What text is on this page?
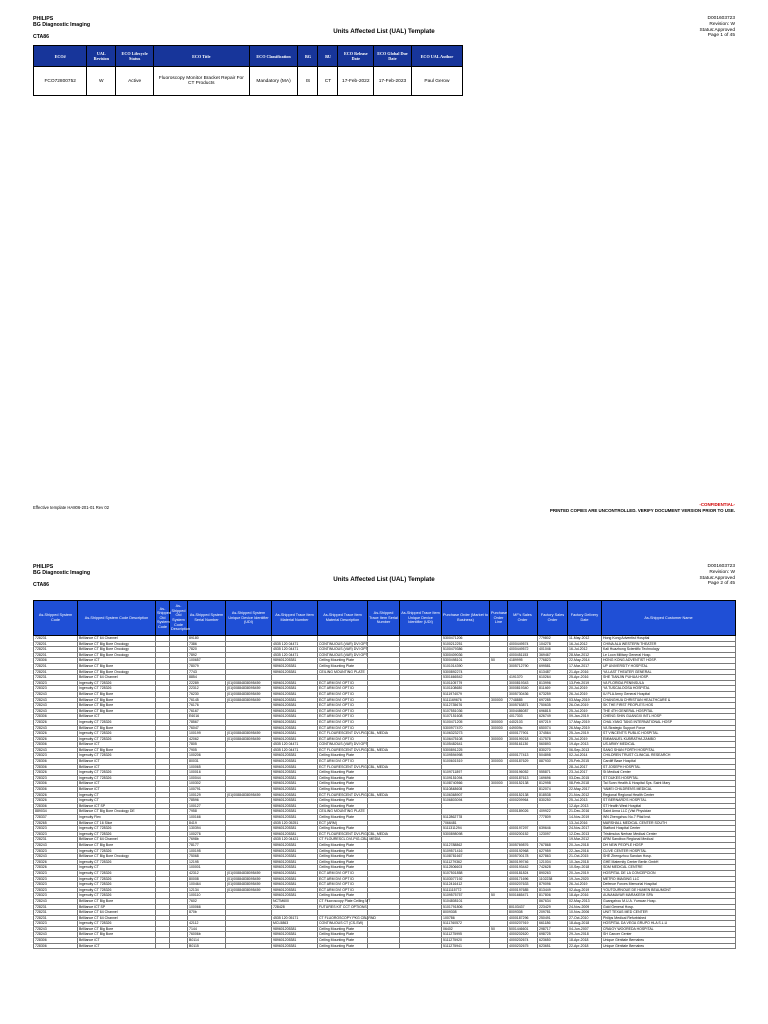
PHILIPS
BG Diagnostic Imaging
CTA86
Units Affected List (UAL) Template
D001603723
Revision: W
Status:Approved
Page 1 of 45
ECO#	UAL Revision	ECO Lifecycle Status	ECO Title	ECO Classification	BG	BU	ECO Release Date	ECO Global Due Date	ECO UAL Author
FCO72800752	W	Active	Fluoroscopy Monitor Bracket Repair For CT Products	Mandatory (MA)	IS	CT	17-Feb-2022	17-Feb-2023	Paul Gerow
Effective template HA806-201-01 Rev 02
-CONFIDENTIAL-
PRINTED COPIES ARE UNCONTROLLED. VERIFY DOCUMENT VERSION PRIOR TO USE.
PHILIPS
BG Diagnostic Imaging
CTA86
Units Affected List (UAL) Template
D001603723
Revision: W
Status:Approved
Page 2 of 45
As-Shipped System Code	As-Shipped System Code Description	As-Shipped Old System Code	As-Shipped Old System Code Description	As-Shipped System Serial Number	As-Shipped System Unique Device Identifier (UDI)	As-Shipped Trace Item Material Number	As-Shipped Trace Item Material Description	As-Shipped Trace Item Serial Number	As-Shipped Trace Item Unique Device Identifier (UDI)	Purchase Order (Market to Business)	Purchase Order Line	MF's Sales Order	Factory Sales Order	Factory Delivery Date	As-Shipped Customer Name
728231	Brilliance CT 64 Channel			89180						5300471206			779802	11-May-2012	Hong Kong Adventist Hospital
728201	Brilliance CT Big Bore Oncology			7386		4535 120 04471	CONTINUOUS (VAR) DVI OPT			5100212251		4000449574	104278	16-Jul-2012	CHINA ALA WESTERN THEATER
728201	Brilliance CT Big Bore Oncology			7820		4535 120 04471	CONTINUOUS (VAR) DVI OPT			5100479386		4000449572	401046	16-Jul-2012	Kali Huazhong Scientific Technology
728201	Brilliance CT Big Bore Oncology			7892		4535 120 04471	CONTINUOUS (VAR) DVI OPT			5300409036		4000451153	369467	28-Mar-2012	Le Loon Military General Hosp.
728306	Brilliance iCT			100657		989601205381	Ceiling Mounting Plate			5300498101	50	4189995	776823	22-May-2014	HONG KONG ADVENTIST HOSP.
728201	Brilliance CT Big Bore			78079		989601205381	Ceiling Mounting Plate			5101014390		3005712790	699581	17-Mar-2017	UP UNIVERSITY HOSPITAL
728201	Brilliance CT Big Bore Oncology			7743		989601205381	CEILING MOUNTING PLATE			5300892274			613487	21-Apr-2016	YA LAST THEATER GENERAL
728231	Brilliance CT 64 Channel			8854						5301666542		4191370	610264	25-Apr-2016	SHE TIANJIN PUHUA HOSP.
728323	Ingenuity CT 728326			22289	(01)00884838095459	989601205381	ECT ARM DVI OPT ID			5101105779		3000819343	813996	13-Feb-2019	VA FLORIDA PENINSULA
728323	Ingenuity CT 728326			22312	(01)00884838095459	989601205381	ECT ARM DVI OPT ID			5101108680		3000819340	811469	20-Jul-2019	YA TUSCALOOSA HOSPITAL
728243	Brilliance CT Big Bore			76230	(01)00884838095459	989601205381	ECT ARM DVI OPT ID			5111974079		3005730436	673259	26-Jul-2019	IU PLA Army General Hospital
728243	Brilliance CT Big Bore			76145	(01)00884838095459	989601205381	ECT ARM DVI OPT ID			5111169676	300000	7748885	697285	03-May-2019	CHANGHUA CHRISTIAN HEALTHCARE &
728243	Brilliance CT Big Bore			76176		989601205381	ECT ARM DVI OPT ID			5112735676		3005763871	750635	26-Oct-2019	SK THE FIRST PEOPLE'S HOS
728243	Brilliance CT Big Bore			76167		989601205381	ECT ARM DVI OPT ID			5107551036		3004486087	696815	25-Jul-2019	THE 4TH GENERAL HOSPITAL
728306	Brilliance iCT			E6016		989601205381	ECT ARM DVI OPT ID			5107151608		4017303	626749	09-Jan-2019	CHENG SHIN GUANGXI INTL HOSP
728326	Ingenuity CT 728326			78567		989601205381	ECT ARM DVI OPT ID			5100471205	300000	4402103	697219	17-May-2019	CHAI-YANG TANG INTERNATIONAL HOSP
728243	Brilliance CT Big Bore			76047		989601205381	ECT ARM DVI OPT ID			5300977470	300000	449009c	650074	26-May-2019	VA Strategic Support Force
728326	Ingenuity CT 728326			100199	(01)00884838095459	989601205381	ECT FLOURESCENT DVI-PIG-CBL, MEDIA			5106323273		4000177901	374564	25-Jun-2019	ST VINCENT'S PUBLIC HOSPITAL
728326	Ingenuity CT 728326			42062	(01)00884838095459	989601205381	ECT ARM DVI OPT ID			5106475108	300000	3000199218	417578	25-Jul-2019	EMMANUEL KUBRATHA ZAMBO
728306	Brilliance iCT			7805		4535 120 04471	CONTINUOUS (VAR) DVI OPT			5105482641		3005161130	560893	19-Apr-2013	US ARMY MEDICAL
728243	Brilliance CT Big Bore			7905		4535 120 04471	ECT FLOURESCENT DVI-PIG-CBL, MEDIA			5300891225			830270	06-Sep-2013	SANG SHAN FORTH HOSPITAL
728323	Ingenuity CT 728326			100206		989601205381	Ceiling Mounting Plate			5109594998		4000177413	504898	02-Jul-2014	CHILDREN TRUST CLINICAL RESEARCH
728306	Brilliance iCT			80031		989601205381	ECT ARM DVI OPT ID			5100601519	300000	4000187629	887930	25-Feb-2015	Cardiff Base Hospital
728306	Brilliance iCT			100065		989601205381	ECT FLOURESCENT DVI-PIG-CBL, MEDIA							28-Jul-2017	ST JOSEPH HOSPITAL
728326	Ingenuity CT 728326			100016		989601205381	Ceiling Mounting Plate			5109711897		3000196052	555871	23-Jul-2017	St Medical Center
728323	Ingenuity CT 728326			100044		989601205381	Ceiling Mounting Plate			5109151094		4000187613	169696	03-Dec-2015	ST DUKES HOSPITAL
728306	Brilliance iCT			100302		989601205381	Ceiling Mounting Plate			5108740566	300000	3000152138	812998	08-Feb-2018	Tai Sunn Health & Hospital Sys. Saint Mary
728306	Brilliance iCT			100791		989601205381	Ceiling Mounting Plate			5110848608			812074	22-May-2017	YAMEI CHILDREN'S MEDICAL
728326	Ingenuity CT			100129	(01)00884838095459	989601205381	ECT FLOURESCENT DVI-PIG-CBL, MEDIA			5106368907		4000152138	818538	21-Nov-2012	Regional Regional Health Center
728326	Ingenuity CT			78596		989601205381	Ceiling Mounting Plate			5106803094		4000209964	830250	25-Jul-2013	ST BERNARD'S HOSPITAL
728306	Brilliance iCT SP			100127		989601205381	Ceiling Mounting Plate							12-Apr-2013	ST Health West Hospital
889034	Brilliance CT Big Bore Oncology DE			7958		989601205381	CEILING MOUNTING PLATE					4000189026	409922	21-Dec-2016	Saint Anna LLC (Vist Physician
728337	Ingenuity Flex			100166		989601205381	Ceiling Mounting Plate			5112862778			777809	14-Nov-2019	WN Zhengzhou No.7 Pital Inst.
728265	Brilliance CT 16 Slice			8419		4535 120 05251	ECT (ARM)			7066481				13-Jul-2016	MARSHALL MEDICAL CENTER SOUTH
728323	Ingenuity CT 728326			130394		989601205381	Ceiling Mounting Plate			5111311294		4000197297	639646	24-Nov-2017	Stafford Hospital Center
728323	Ingenuity CT 728326			100276		989601205381	ECT FLOURESCENT DVI-PIG-CBL, MEDIA			5300898098		4000200152	123097	12-Dec-2013	Tristimulus Nerban Medical Center
728231	Brilliance CT 64 Channel			7698b		4535 120 04421	CT FLOURESCL DVI-PIG-CBL, MEDIA							19-Mar-2012	ARM Sandbox Regional Medical
728243	Brilliance CT Big Bore			78177		989601205381	Ceiling Mounting Plate			5112788862		3005769876	767868	20-Jun-2018	DH NEW PEOPLE HOSP
728323	Ingenuity CT 728326			100195		989601205381	Ceiling Mounting Plate			5109571416		4000192968	627959	22-Jan-2016	CLIVE CENTER HOSPITAL
728243	Brilliance CT Big Bore Oncology			75068		989601205381	Ceiling Mounting Plate			5108781667		3005700178	627863	21-Oct-2015	SHE Zhengzhou Sandan Hosp.
728326	Ingenuity CT 728326			12195		989601205381	Ceiling Mounting Plate			5111279362		3600199746	121004	10-Jan-2018	GHE Maternity Center Berlin GmbH
728326	Ingenuity CT			100001		989601205381	Ceiling Mounting Plate			5112506603		4000193442	742628	10-Sep-2018	SDM MEDICAL CENTRE
728323	Ingenuity CT 728326			42312	(01)00884838095459	989601205381	ECT ARM DVI OPT ID			5107501858		4000181824	890263	20-Jun-2019	HOSPITAL DE LA CONCEPCION
728323	Ingenuity CT 728326			80008	(01)00884838095459	989601205381	ECT ARM DVI OPT ID			5103077192		4000171696	1102238	19-Jun-2020	METRO IMAGING LLC
728323	Ingenuity CT 728326			100464	(01)00884838095459	989601205381	ECT ARM DVI OPT ID			5112416412		4000207633	879096	26-Jul-2019	Defence Forces Memorial Hospital
728323	Ingenuity CT 728326			12134	(01)00884838095459	989601205381	ECT ARM DVI OPT ID			5111115772		4000197685	813449	02-Aug-2019	YOUTOURNOUE DE HUMEN BEAUMONT
728323	Ingenuity CT 728326			100110		989601205381	Ceiling Mounting Plate			5109575757	50	5001665471	817806	18-Apr-2016	AUNAMAYAR MARAKESH SPA
728243	Brilliance CT Big Bore			7602		NCTM600	CT Fluoroscopy Plate Ceiling MT			5104808101			867634	02-May-2013	Guangzhou M.U.A. Yumcan Hosp.
728231	Brilliance iCT SP			100066		728428	FUTURES KIT CCT OPTIONS			5101791806		80103437	223429	24-Nov-2009	Gold General Hosp.
728231	Brilliance CT 64 Channel			870b						8009308		8009308	209781	10-Nov-2006	UNIT TEXAS MED CENTER
728231	Brilliance CT 64 Channel					4535 120 05171	CT FLUOROSCOPY PKG CBL RND			100786		4000187296	250491	27-Oct-2010	Philips Medical Refurbished
728323	Ingenuity CT 728326			42112		MCL5863	CONTINUOUS CT (CS-SW)			5111760572		4000207919	661186	18-Aug-2018	HOSPITAL DA VEGA GRUPO HLA S.L.U
728243	Brilliance CT Big Bore			7144		989601205381	Ceiling Mounting Plate			06402	50	5001446601	298717	04-Jun-2007	CRAIGY WOOREDA HOSPITAL
728243	Brilliance CT Big Bore			76006b		989601205381	Ceiling Mounting Plate			5111275995		4000202620	698725	29-Jun-2018	SH Cancer Center
728306	Brilliance iCT			B0114		989601205381	Ceiling Mounting Plate			5111275920		4000202674	623650	18-Apr-2018	Unique Génitale Bernabeu
728306	Brilliance iCT			B0115		989601205381	Ceiling Mounting Plate			5111275941		4000202675	623651	22-Apr-2018	Unique Génitale Bernabeu
